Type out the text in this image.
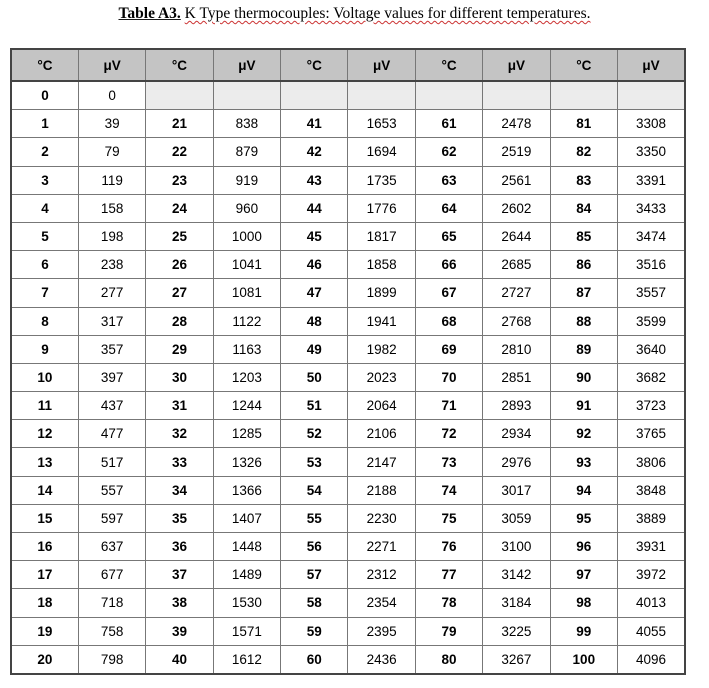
Table A3. K Type thermocouples: Voltage values for different temperatures.
°C	μV	°C	μV	°C	μV	°C	μV	°C	μV
0	0								
1	39	21	838	41	1653	61	2478	81	3308
2	79	22	879	42	1694	62	2519	82	3350
3	119	23	919	43	1735	63	2561	83	3391
4	158	24	960	44	1776	64	2602	84	3433
5	198	25	1000	45	1817	65	2644	85	3474
6	238	26	1041	46	1858	66	2685	86	3516
7	277	27	1081	47	1899	67	2727	87	3557
8	317	28	1122	48	1941	68	2768	88	3599
9	357	29	1163	49	1982	69	2810	89	3640
10	397	30	1203	50	2023	70	2851	90	3682
11	437	31	1244	51	2064	71	2893	91	3723
12	477	32	1285	52	2106	72	2934	92	3765
13	517	33	1326	53	2147	73	2976	93	3806
14	557	34	1366	54	2188	74	3017	94	3848
15	597	35	1407	55	2230	75	3059	95	3889
16	637	36	1448	56	2271	76	3100	96	3931
17	677	37	1489	57	2312	77	3142	97	3972
18	718	38	1530	58	2354	78	3184	98	4013
19	758	39	1571	59	2395	79	3225	99	4055
20	798	40	1612	60	2436	80	3267	100	4096
